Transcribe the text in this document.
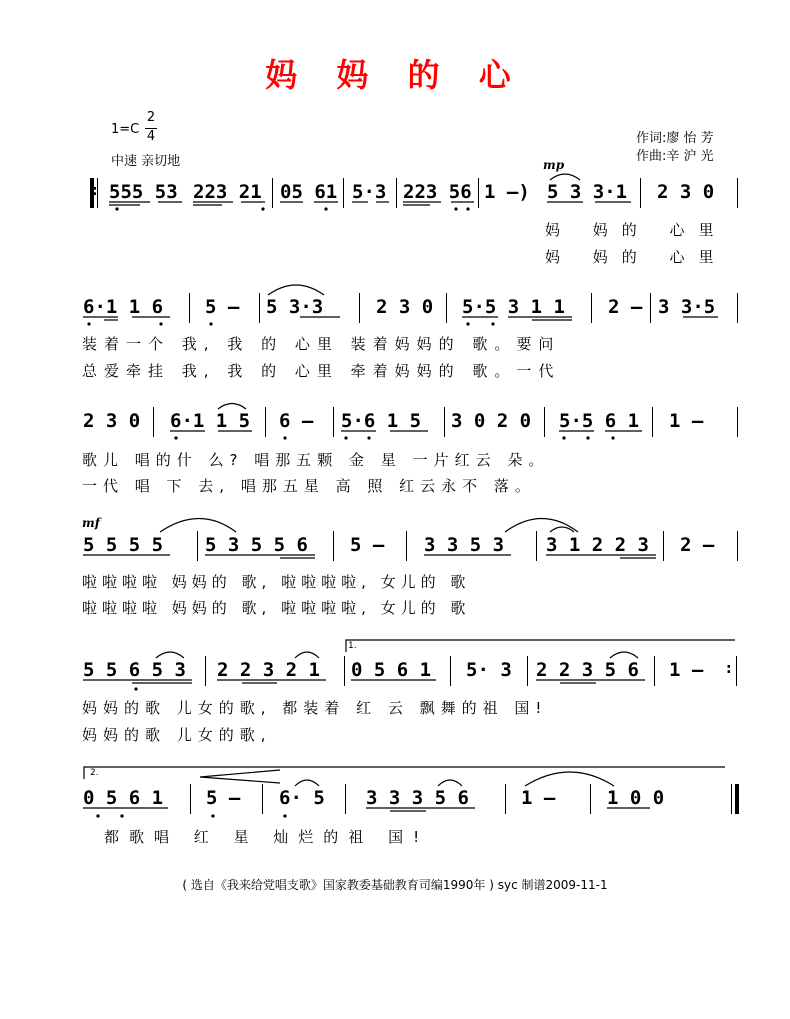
妈 妈 的 心
1=C
2
4
中速 亲切地
作词:廖 怡 芳
作曲:辛 沪 光
: 555 53 223 21 05 61 5·3 223 56 1 –)
mp
5 3 3·1 2 3 0
妈 妈的 心里
妈 妈的 心里
6·1 1 6 5 – 5 3·3	2 3 0 5·5 3 1 1 2 – 3 3·5
装着一个 我, 我 的 心里 装着妈妈的 歌。要问
总爱牵挂 我, 我 的 心里 牵着妈妈的 歌。一代
2 3 0 6·1 1 5 6 – 5·6 1 5 3 0 2 0 5·5 6 1 1 –
歌儿 唱的什 么? 唱那五颗 金 星 一片红云 朵。
一代 唱 下 去, 唱那五星 高 照 红云永不 落。
mf
5 5 5 5 5 3 5 5 6 5 – 3 3 5 3 3 1 2 2 3 2 –
啦啦啦啦 妈妈的 歌, 啦啦啦啦, 女儿的 歌
啦啦啦啦 妈妈的 歌, 啦啦啦啦, 女儿的 歌
1.
5 5 6 5 3 2 2 3 2 1 0 5 6 1 5· 3 2 2 3 5 6 1 – :
妈妈的歌 儿女的歌, 都装着 红 云 飘舞的祖 国!
妈妈的歌 儿女的歌,
2.
0 5 6 1 5 – 6· 5 3 3 3 5 6	1 –	1 0 0
都歌唱 红 星 灿烂的祖 国!
( 选自《我来给党唱支歌》国家教委基础教育司编1990年 ) syc 制谱2009-11-1
